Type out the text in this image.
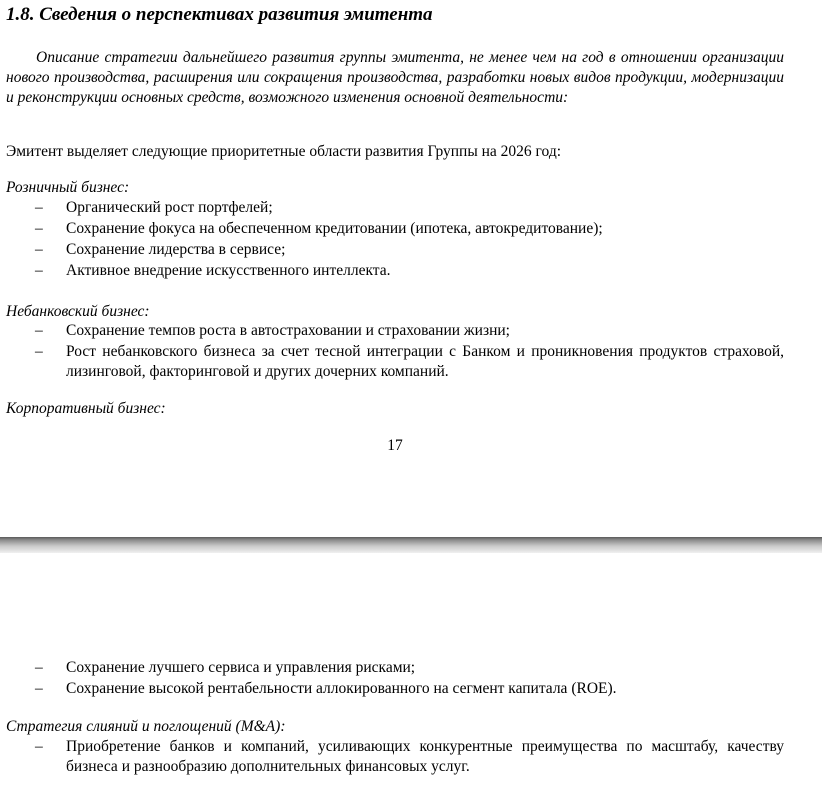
1.8. Сведения о перспективах развития эмитента

Описание стратегии дальнейшего развития группы эмитента, не менее чем на год в отношении организации нового производства, расширения или сокращения производства, разработки новых видов продукции, модернизации и реконструкции основных средств, возможного изменения основной деятельности:

Эмитент выделяет следующие приоритетные области развития Группы на 2026 год:

Розничный бизнес:

– Органический рост портфелей;
– Сохранение фокуса на обеспеченном кредитовании (ипотека, автокредитование);
– Сохранение лидерства в сервисе;
– Активное внедрение искусственного интеллекта.

Небанковский бизнес:

– Сохранение темпов роста в автостраховании и страховании жизни;
– Рост небанковского бизнеса за счет тесной интеграции с Банком и проникновения продуктов страховой, лизинговой, факторинговой и других дочерних компаний.

Корпоративный бизнес:

17

– Сохранение лучшего сервиса и управления рисками;
– Сохранение высокой рентабельности аллокированного на сегмент капитала (ROE).

Стратегия слияний и поглощений (M&A):

– Приобретение банков и компаний, усиливающих конкурентные преимущества по масштабу, качеству бизнеса и разнообразию дополнительных финансовых услуг.
